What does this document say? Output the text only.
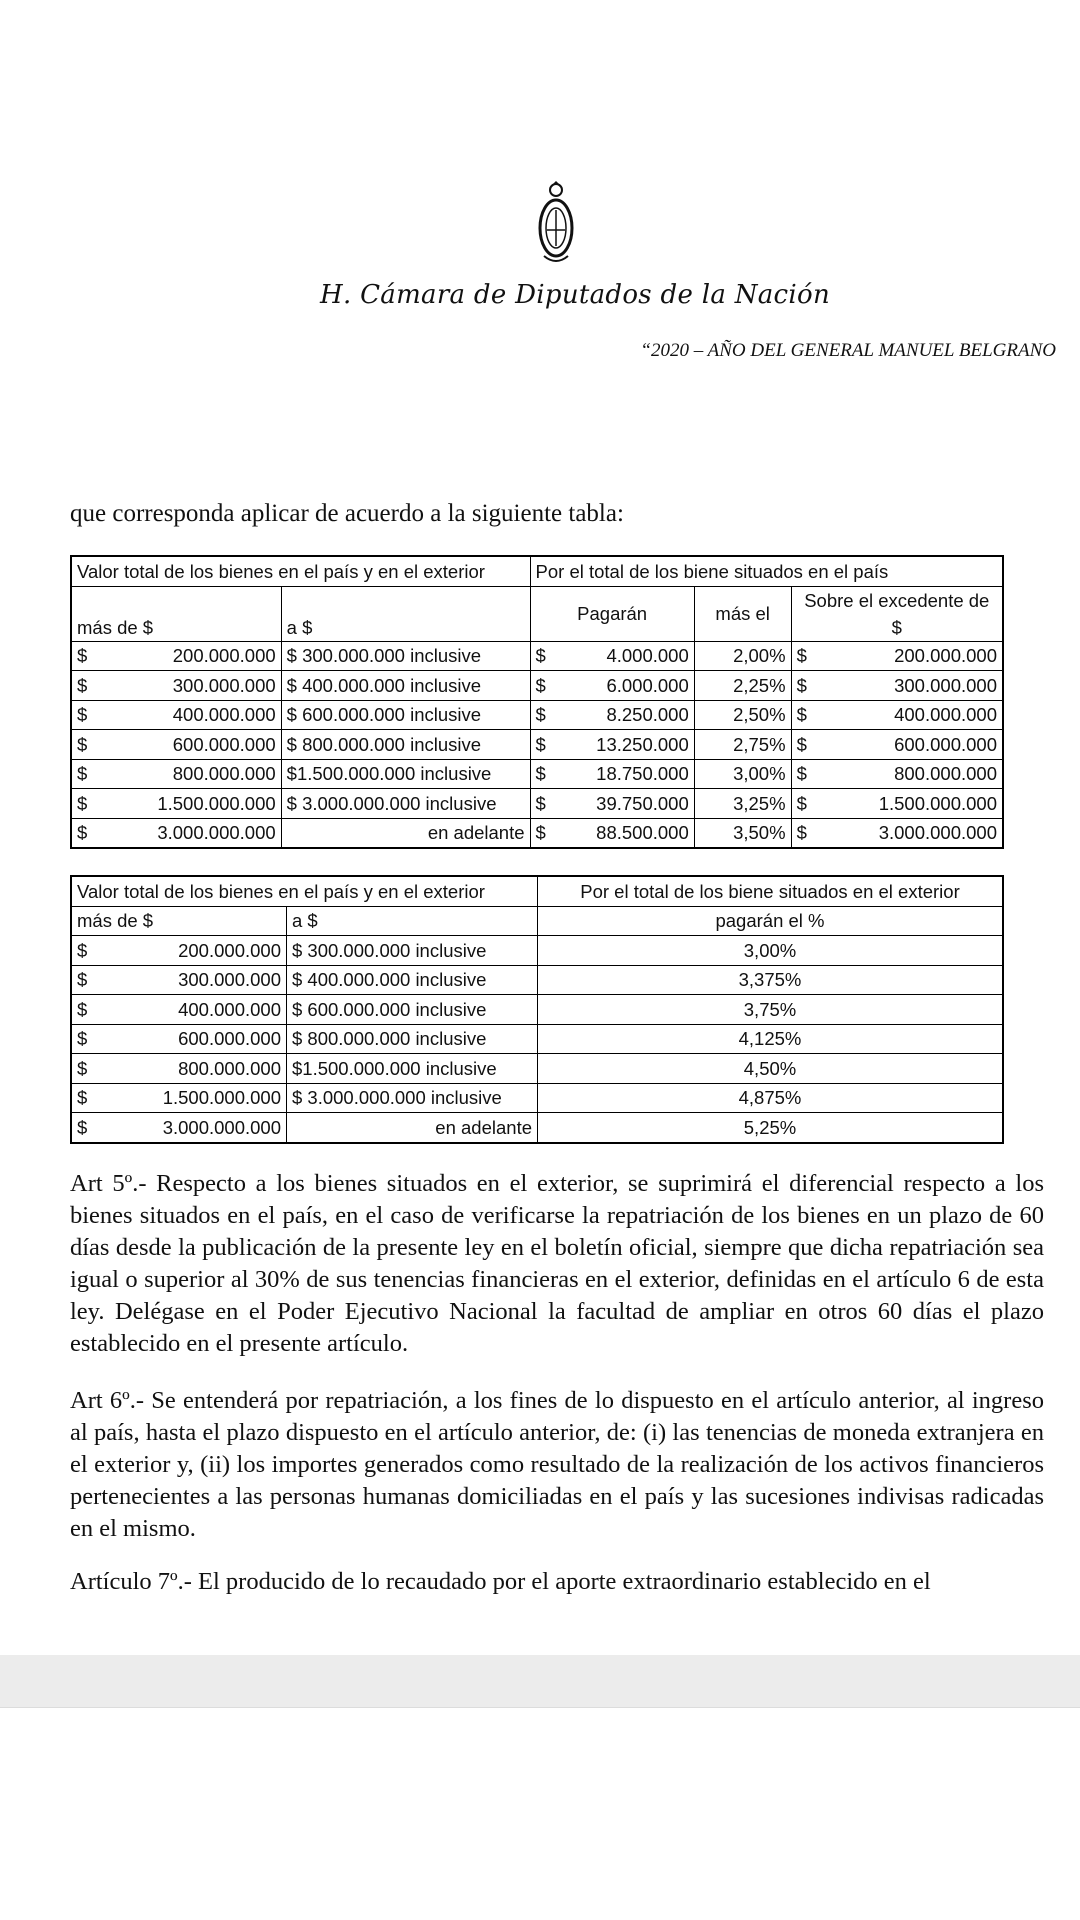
H. Cámara de Diputados de la Nación
“2020 – AÑO DEL GENERAL MANUEL BELGRANO
que corresponda aplicar de acuerdo a la siguiente tabla:
Valor total de los bienes en el país y en el exterior		Por el total de los biene situados en el país		
más de $	a $	Pagarán	más el	Sobre el excedente de $

$ 200.000.000	$ 300.000.000 inclusive	$ 4.000.000	2,00%	$ 200.000.000

$ 300.000.000	$ 400.000.000 inclusive	$ 6.000.000	2,25%	$ 300.000.000

$ 400.000.000	$ 600.000.000 inclusive	$ 8.250.000	2,50%	$ 400.000.000

$ 600.000.000	$ 800.000.000 inclusive	$ 13.250.000	2,75%	$ 600.000.000

$ 800.000.000	$1.500.000.000 inclusive	$ 18.750.000	3,00%	$ 800.000.000

$ 1.500.000.000	$ 3.000.000.000 inclusive	$ 39.750.000	3,25%	$ 1.500.000.000

$ 3.000.000.000	en adelante	$ 88.500.000	3,50%	$ 3.000.000.000
Valor total de los bienes en el país y en el exterior		Por el total de los biene situados en el exterior
más de $	a $	pagarán el %

$ 200.000.000	$ 300.000.000 inclusive	3,00%

$ 300.000.000	$ 400.000.000 inclusive	3,375%

$ 400.000.000	$ 600.000.000 inclusive	3,75%

$ 600.000.000	$ 800.000.000 inclusive	4,125%

$ 800.000.000	$1.500.000.000 inclusive	4,50%

$ 1.500.000.000	$ 3.000.000.000 inclusive	4,875%

$ 3.000.000.000	en adelante	5,25%
Art 5º.- Respecto a los bienes situados en el exterior, se suprimirá el diferencial respecto a los bienes situados en el país, en el caso de verificarse la repatriación de los bienes en un plazo de 60 días desde la publicación de la presente ley en el boletín oficial, siempre que dicha repatriación sea igual o superior al 30% de sus tenencias financieras en el exterior, definidas en el artículo 6 de esta ley. Delégase en el Poder Ejecutivo Nacional la facultad de ampliar en otros 60 días el plazo establecido en el presente artículo.
Art 6º.- Se entenderá por repatriación, a los fines de lo dispuesto en el artículo anterior, al ingreso al país, hasta el plazo dispuesto en el artículo anterior, de: (i) las tenencias de moneda extranjera en el exterior y, (ii) los importes generados como resultado de la realización de los activos financieros pertenecientes a las personas humanas domiciliadas en el país y las sucesiones indivisas radicadas en el mismo.
Artículo 7º.- El producido de lo recaudado por el aporte extraordinario establecido en el
